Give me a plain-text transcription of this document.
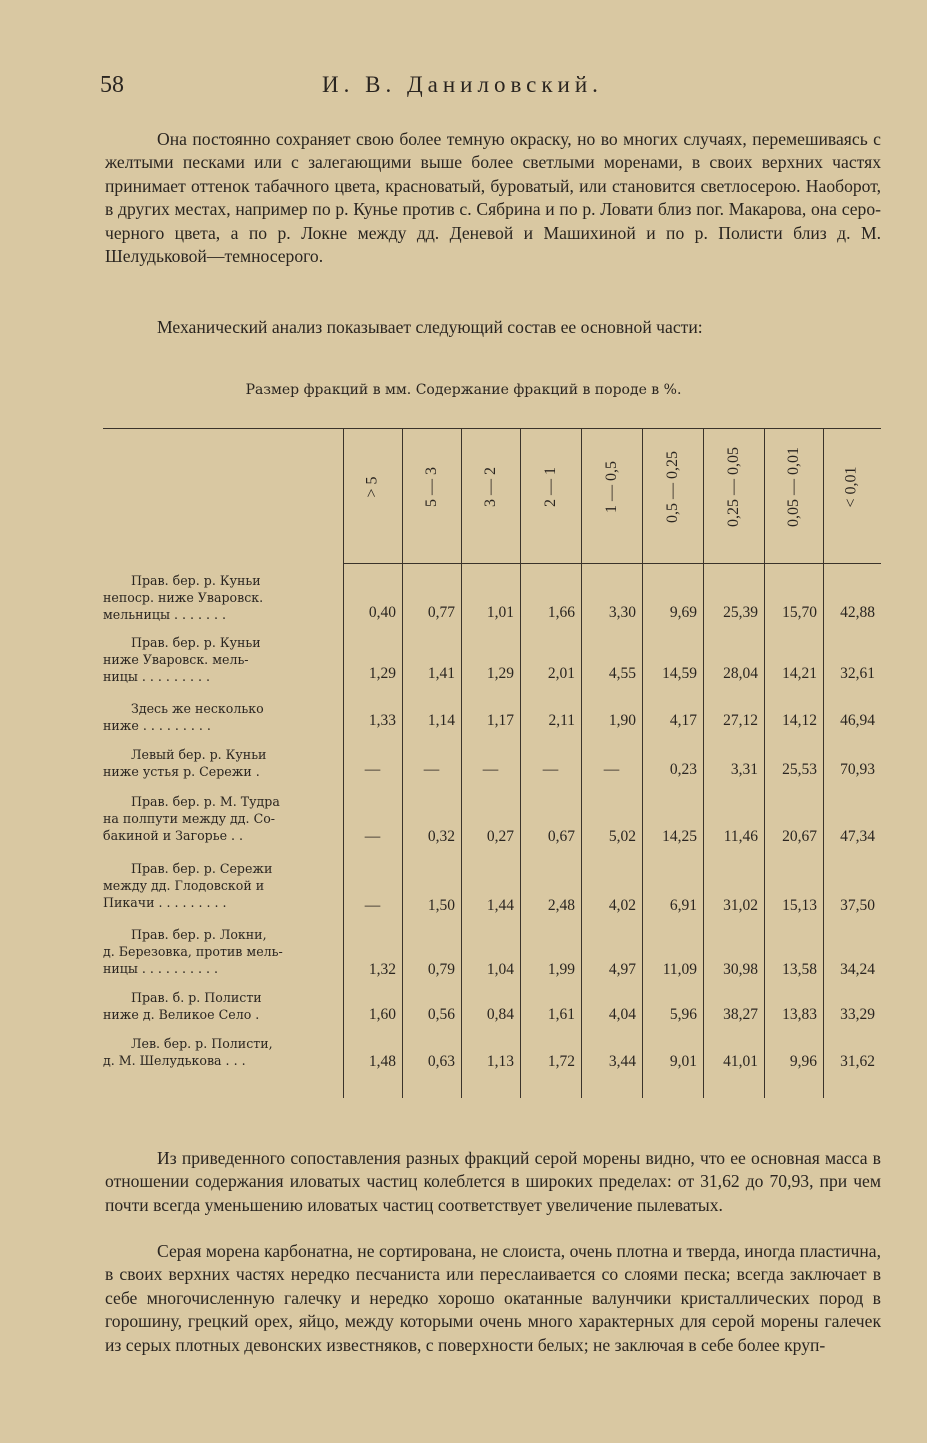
58	И. В. Даниловский.

Она постоянно сохраняет свою более темную окраску, но во многих случаях, перемешиваясь с желтыми песками или с залегающими выше более светлыми моренами, в своих верхних частях принимает оттенок табачного цвета, красноватый, буроватый, или становится светлосерою. Наоборот, в других местах, например по р. Кунье против с. Сябрина и по р. Ловати близ пог. Макарова, она серо-черного цвета, а по р. Локне между дд. Деневой и Машихиной и по р. Полисти близ д. М. Шелудьковой—темносерого.

Механический анализ показывает следующий состав ее основной части:

Размер фракций в мм. Содержание фракций в породе в %.
> 5	5 — 3	3 — 2	2 — 1	1 — 0,5	0,5 — 0,25	0,25 — 0,05	0,05 — 0,01	< 0,01
Прав. бер. р. Куньи
непоср. ниже Уваровск.
мельницы . . . . . . .	0,40	0,77	1,01	1,66	3,30	9,69	25,39	15,70	42,88
Прав. бер. р. Куньи
ниже Уваровск. мель-
ницы . . . . . . . . .	1,29	1,41	1,29	2,01	4,55	14,59	28,04	14,21	32,61
Здесь же несколько
ниже . . . . . . . . .	1,33	1,14	1,17	2,11	1,90	4,17	27,12	14,12	46,94
Левый бер. р. Куньи
ниже устья р. Сережи .	—	—	—	—	—	0,23	3,31	25,53	70,93
Прав. бер. р. М. Тудра
на полпути между дд. Со-
бакиной и Загорье . .	—	0,32	0,27	0,67	5,02	14,25	11,46	20,67	47,34
Прав. бер. р. Сережи
между дд. Глодовской и
Пикачи . . . . . . . . .	—	1,50	1,44	2,48	4,02	6,91	31,02	15,13	37,50
Прав. бер. р. Локни,
д. Березовка, против мель-
ницы . . . . . . . . . .	1,32	0,79	1,04	1,99	4,97	11,09	30,98	13,58	34,24
Прав. б. р. Полисти
ниже д. Великое Село .	1,60	0,56	0,84	1,61	4,04	5,96	38,27	13,83	33,29
Лев. бер. р. Полисти,
д. М. Шелудькова . . .	1,48	0,63	1,13	1,72	3,44	9,01	41,01	9,96	31,62

Из приведенного сопоставления разных фракций серой морены видно, что ее основная масса в отношении содержания иловатых частиц колеблется в широких пределах: от 31,62 до 70,93, при чем почти всегда уменьшению иловатых частиц соответствует увеличение пылеватых.

Серая морена карбонатна, не сортирована, не слоиста, очень плотна и тверда, иногда пластична, в своих верхних частях нередко песчаниста или переслаивается со слоями песка; всегда заключает в себе многочисленную галечку и нередко хорошо окатанные валунчики кристаллических пород в горошину, грецкий орех, яйцо, между которыми очень много характерных для серой морены галечек из серых плотных девонских известняков, с поверхности белых; не заключая в себе более круп-
